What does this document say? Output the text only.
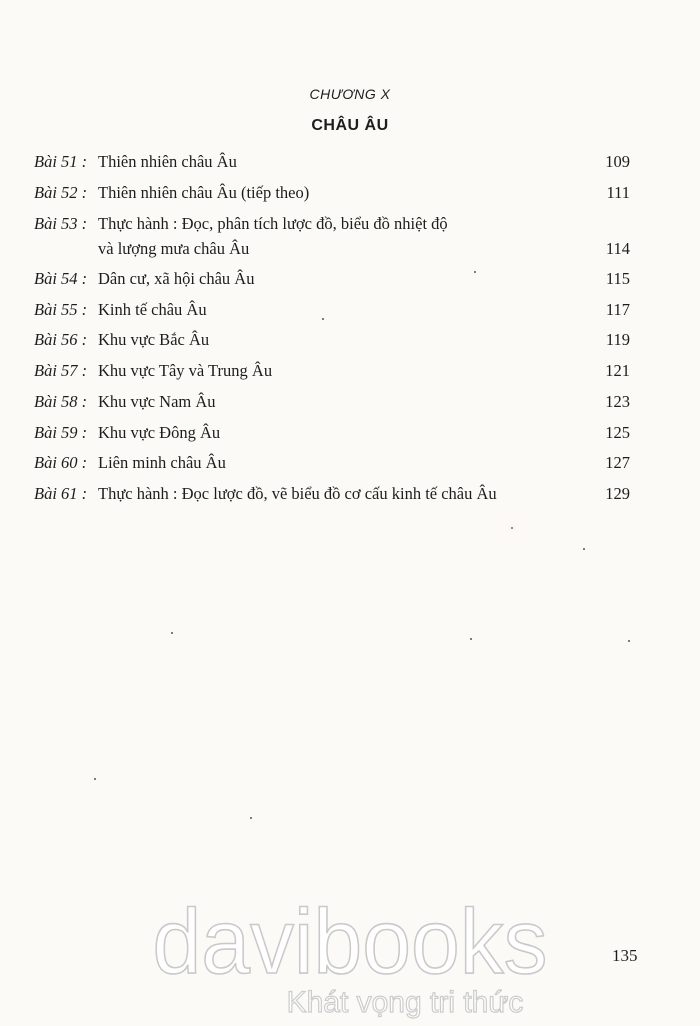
CHƯƠNG X
CHÂU ÂU
Bài 51 : Thiên nhiên châu Âu	109
Bài 52 : Thiên nhiên châu Âu (tiếp theo)	111
Bài 53 : Thực hành : Đọc, phân tích lược đồ, biểu đồ nhiệt độ
và lượng mưa châu Âu	114
Bài 54 : Dân cư, xã hội châu Âu	115
Bài 55 : Kinh tế châu Âu	117
Bài 56 : Khu vực Bắc Âu	119
Bài 57 : Khu vực Tây và Trung Âu	121
Bài 58 : Khu vực Nam Âu	123
Bài 59 : Khu vực Đông Âu	125
Bài 60 : Liên minh châu Âu	127
Bài 61 : Thực hành : Đọc lược đồ, vẽ biểu đồ cơ cấu kinh tế châu Âu	129
davibooks
Khát vọng tri thức
135
